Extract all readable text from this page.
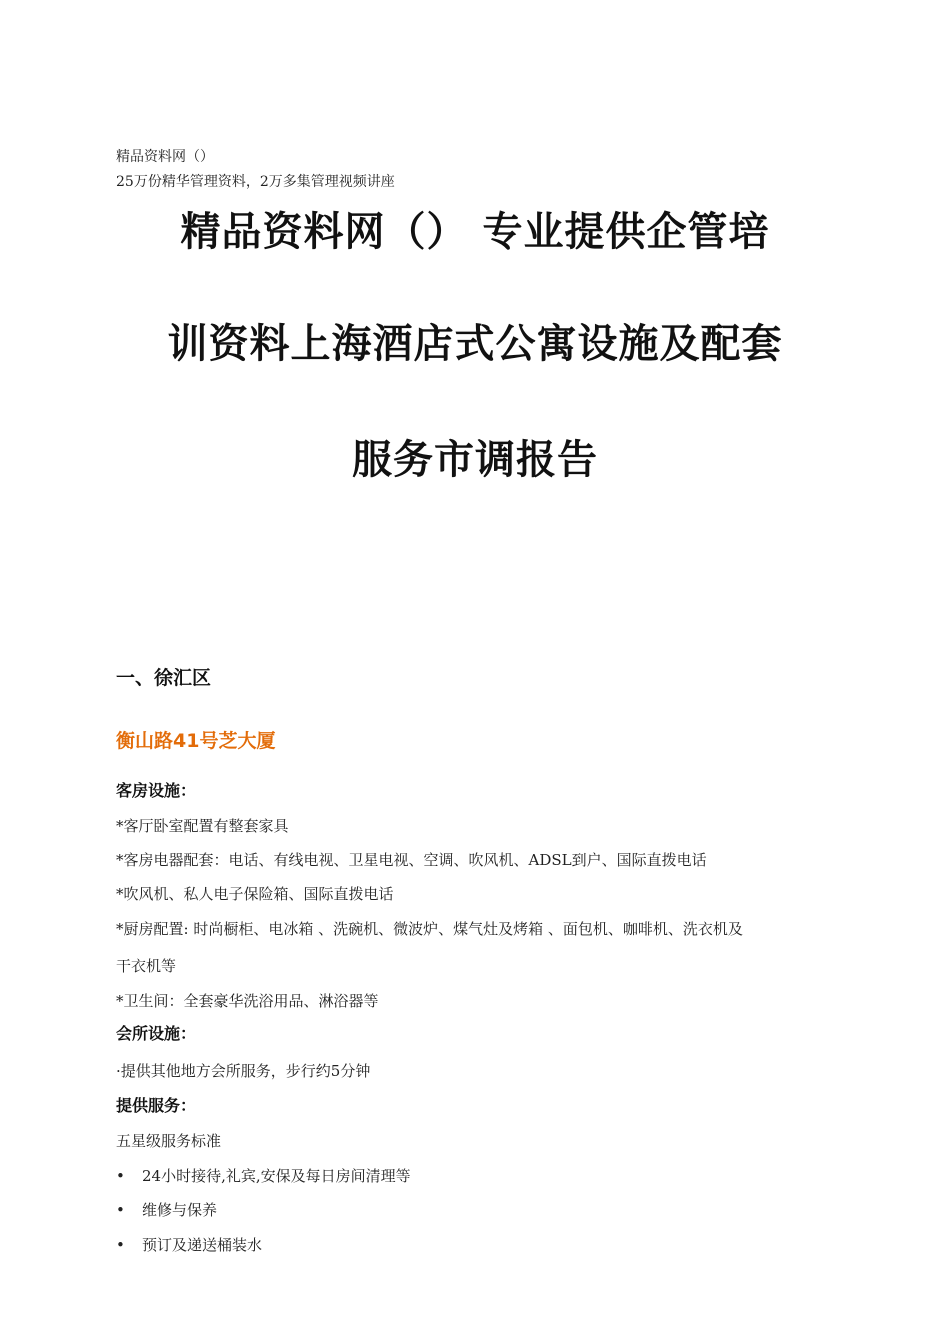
精品资料网（）
25万份精华管理资料，2万多集管理视频讲座
精品资料网（） 专业提供企管培
训资料上海酒店式公寓设施及配套
服务市调报告
一、徐汇区
衡山路41号芝大厦
客房设施：
*客厅卧室配置有整套家具
*客房电器配套：电话、有线电视、卫星电视、空调、吹风机、ADSL到户、国际直拨电话
*吹风机、私人电子保险箱、国际直拨电话
*厨房配置: 时尚橱柜、电冰箱 、洗碗机、微波炉、煤气灶及烤箱 、面包机、咖啡机、洗衣机及
干衣机等
*卫生间：全套豪华洗浴用品、淋浴器等
会所设施：
·提供其他地方会所服务，步行约5分钟
提供服务：
五星级服务标准
• 24小时接待,礼宾,安保及每日房间清理等
• 维修与保养
• 预订及递送桶装水
